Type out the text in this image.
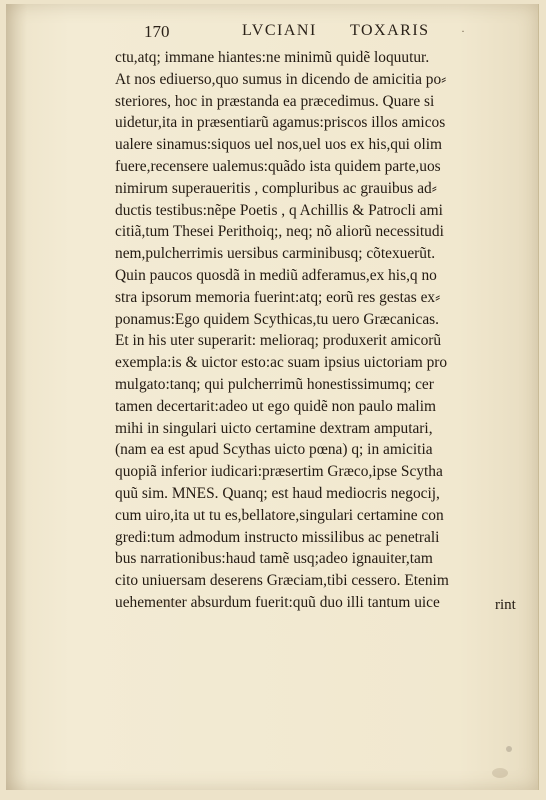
170	LVCIANI TOXARIS	·
ctu,atq; immane hiantes:ne minimũ quidẽ loquutur.
At nos ediuerso,quo sumus in dicendo de amicitia po⸗
steriores, hoc in præstanda ea præcedimus. Quare si
uidetur,ita in præsentiarũ agamus:priscos illos amicos
ualere sinamus:siquos uel nos,uel uos ex his,qui olim
fuere,recensere ualemus:quãdo ista quidem parte,uos
nimirum superaueritis , compluribus ac grauibus ad⸗
ductis testibus:nẽpe Poetis , q Achillis & Patrocli ami
citiã,tum Thesei Perithoiq;, neq; nõ aliorũ necessitudi
nem,pulcherrimis uersibus carminibusq; cõtexuerũt.
Quin paucos quosdã in mediũ adferamus,ex his,q no
stra ipsorum memoria fuerint:atq; eorũ res gestas ex⸗
ponamus:Ego quidem Scythicas,tu uero Græcanicas.
Et in his uter superarit: melioraq; produxerit amicorũ
exempla:is & uictor esto:ac suam ipsius uictoriam pro
mulgato:tanq; qui pulcherrimũ honestissimumq; cer
tamen decertarit:adeo ut ego quidẽ non paulo malim
mihi in singulari uicto certamine dextram amputari,
(nam ea est apud Scythas uicto pœna) q; in amicitia
quopiã inferior iudicari:præsertim Græco,ipse Scytha
quũ sim. MNES. Quanq; est haud mediocris negocij,
cum uiro,ita ut tu es,bellatore,singulari certamine con
gredi:tum admodum instructo missilibus ac penetrali
bus narrationibus:haud tamẽ usq;adeo ignauiter,tam
cito uniuersam deserens Græciam,tibi cessero. Etenim
uehementer absurdum fuerit:quũ duo illi tantum uice	rint
